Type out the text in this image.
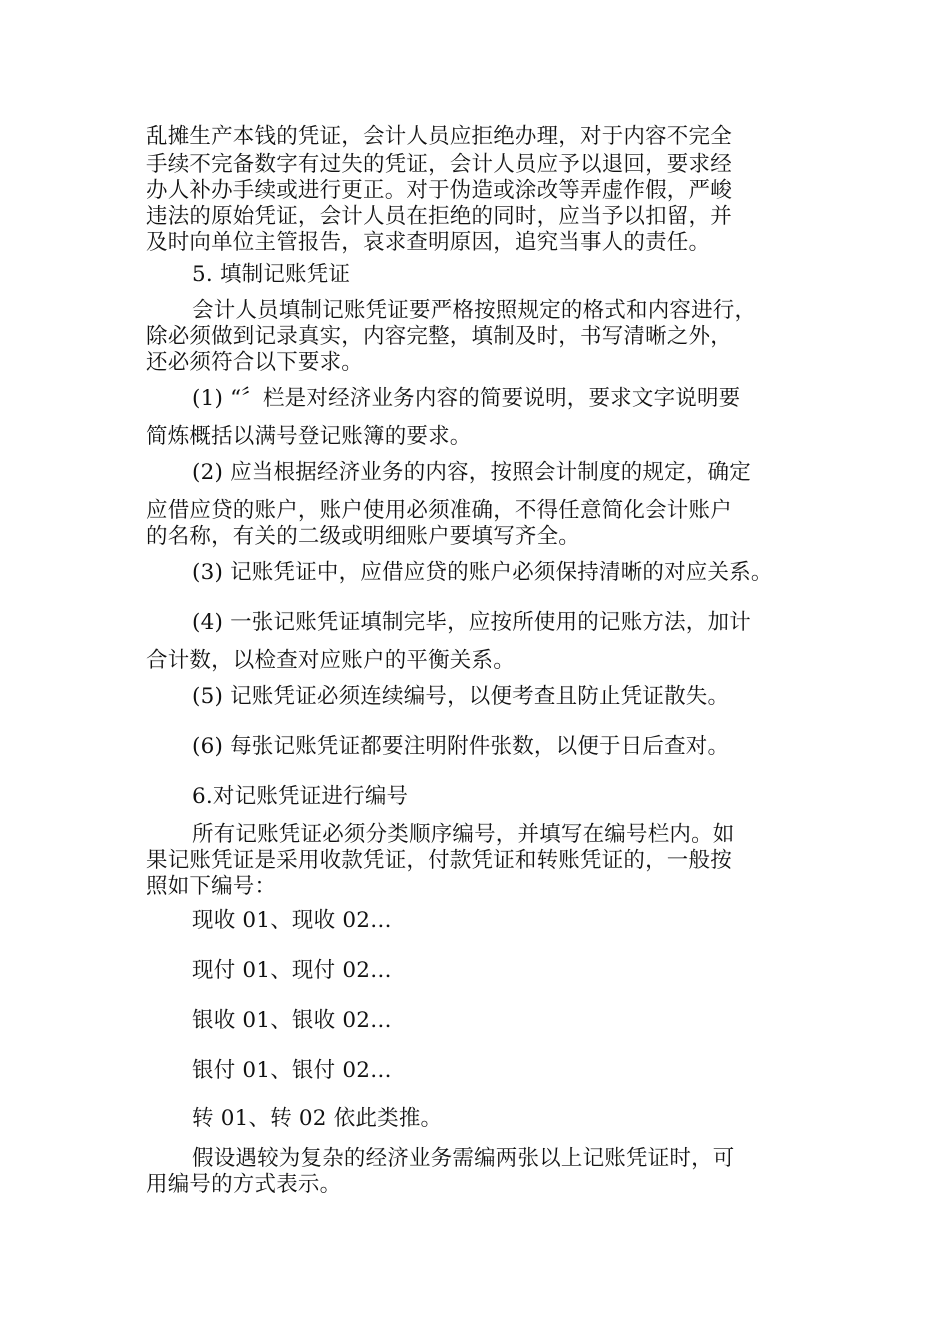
乱摊生产本钱的凭证，会计人员应拒绝办理，对于内容不完全
手续不完备数字有过失的凭证，会计人员应予以退回，要求经
办人补办手续或进行更正。对于伪造或涂改等弄虚作假，严峻
违法的原始凭证，会计人员在拒绝的同时，应当予以扣留，并
及时向单位主管报告，哀求查明原因，追究当事人的责任。
5. 填制记账凭证
会计人员填制记账凭证要严格按照规定的格式和内容进行，
除必须做到记录真实，内容完整，填制及时，书写清晰之外，
还必须符合以下要求。
(1) “〞栏是对经济业务内容的简要说明，要求文字说明要
简炼概括以满号登记账簿的要求。
(2) 应当根据经济业务的内容，按照会计制度的规定，确定
应借应贷的账户，账户使用必须准确，不得任意简化会计账户
的名称，有关的二级或明细账户要填写齐全。
(3) 记账凭证中，应借应贷的账户必须保持清晰的对应关系。
(4) 一张记账凭证填制完毕，应按所使用的记账方法，加计
合计数，以检查对应账户的平衡关系。
(5) 记账凭证必须连续编号，以便考查且防止凭证散失。
(6) 每张记账凭证都要注明附件张数，以便于日后查对。
6.对记账凭证进行编号
所有记账凭证必须分类顺序编号，并填写在编号栏内。如
果记账凭证是采用收款凭证，付款凭证和转账凭证的，一般按
照如下编号：
现收 01、现收 02…
现付 01、现付 02…
银收 01、银收 02…
银付 01、银付 02…
转 01、转 02 依此类推。
假设遇较为复杂的经济业务需编两张以上记账凭证时，可
用编号的方式表示。
